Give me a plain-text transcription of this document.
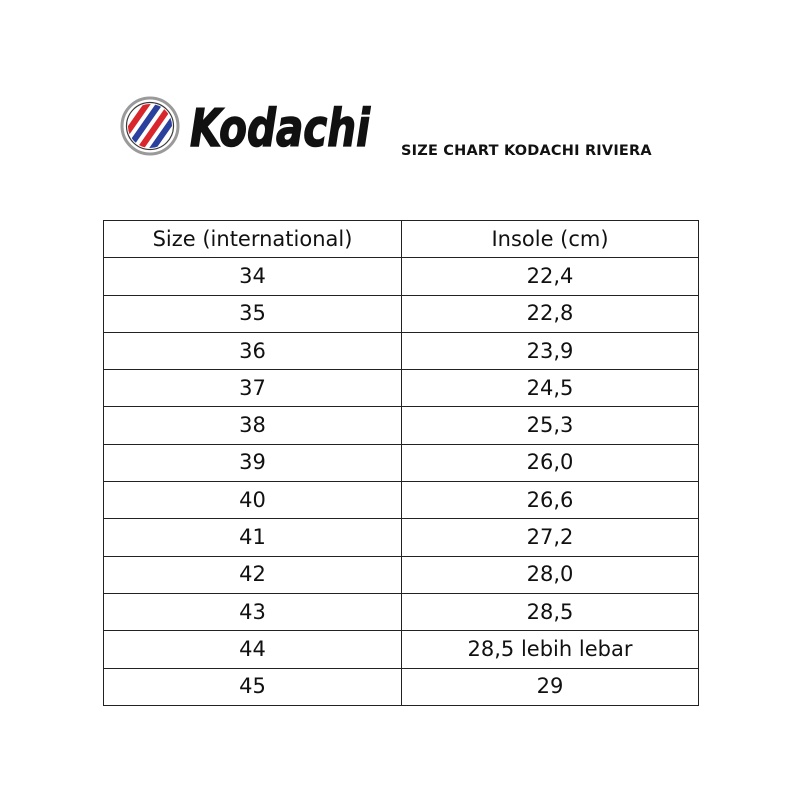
Kodachi SIZE CHART KODACHI RIVIERA
Size (international)	Insole (cm)
34	22,4
35	22,8
36	23,9
37	24,5
38	25,3
39	26,0
40	26,6
41	27,2
42	28,0
43	28,5
44	28,5 lebih lebar
45	29
